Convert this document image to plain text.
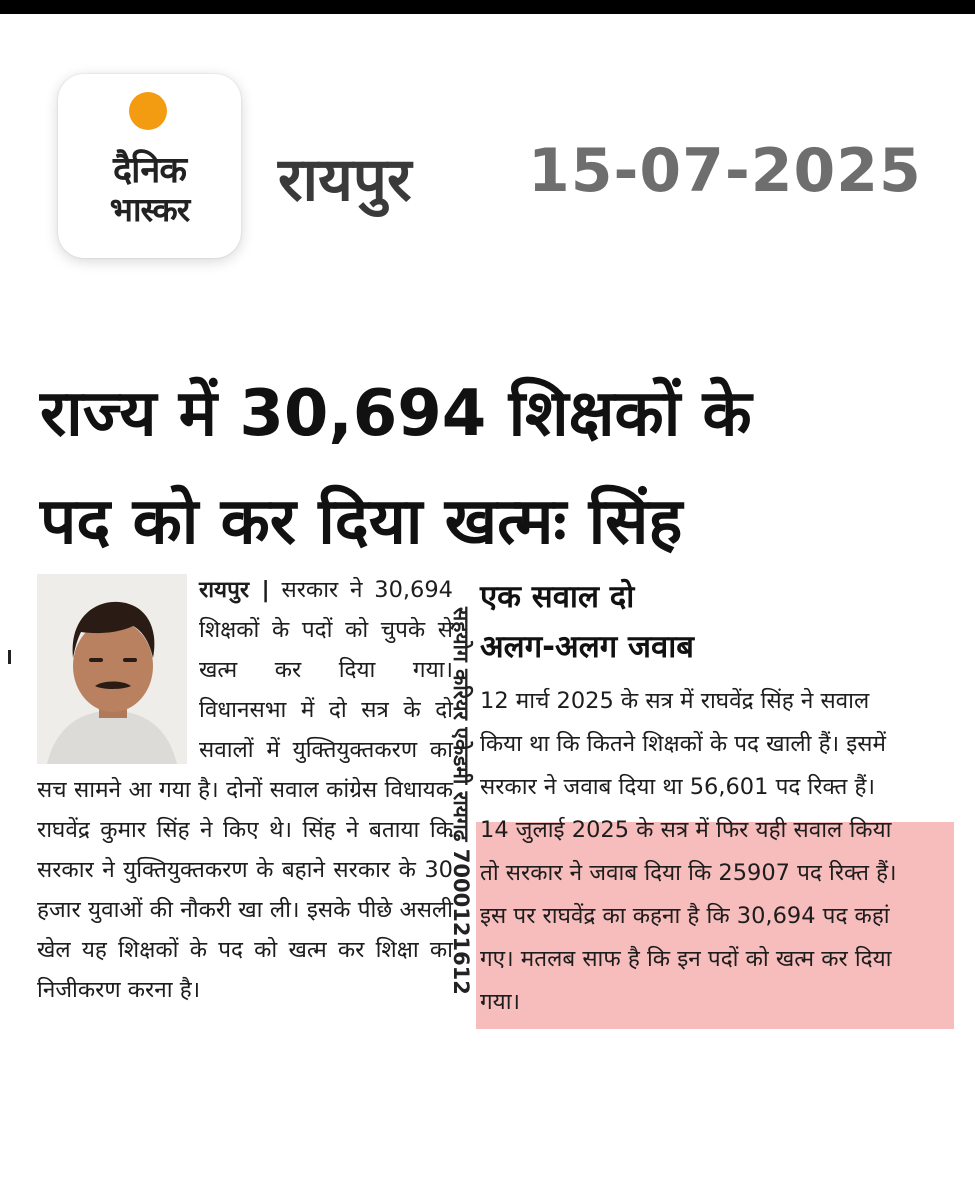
दैनिक
भास्कर	रायपुर 15-07-2025
राज्य में 30,694 शिक्षकों के
पद को कर दिया खत्मः सिंह

रायपुर | सरकार ने 30,694 शिक्षकों के पदों को चुपके से खत्म कर दिया गया। विधानसभा में दो सत्र के दो सवालों में युक्तियुक्तकरण का सच सामने आ गया है। दोनों सवाल कांग्रेस विधायक राघवेंद्र कुमार सिंह ने किए थे। सिंह ने बताया कि सरकार ने युक्तियुक्तकरण के बहाने सरकार के 30 हजार युवाओं की नौकरी खा ली। इसके पीछे असली खेल यह शिक्षकों के पद को खत्म कर शिक्षा का निजीकरण करना है।	सहयोग करियर एकेडमी रायगढ़ 7000121612
एक सवाल दो
अलग-अलग जवाब

12 मार्च 2025 के सत्र में राघवेंद्र सिंह ने सवाल किया था कि कितने शिक्षकों के पद खाली हैं। इसमें सरकार ने जवाब दिया था 56,601 पद रिक्त हैं। 14 जुलाई 2025 के सत्र में फिर यही सवाल किया तो सरकार ने जवाब दिया कि 25907 पद रिक्त हैं। इस पर राघवेंद्र का कहना है कि 30,694 पद कहां गए। मतलब साफ है कि इन पदों को खत्म कर दिया गया।
